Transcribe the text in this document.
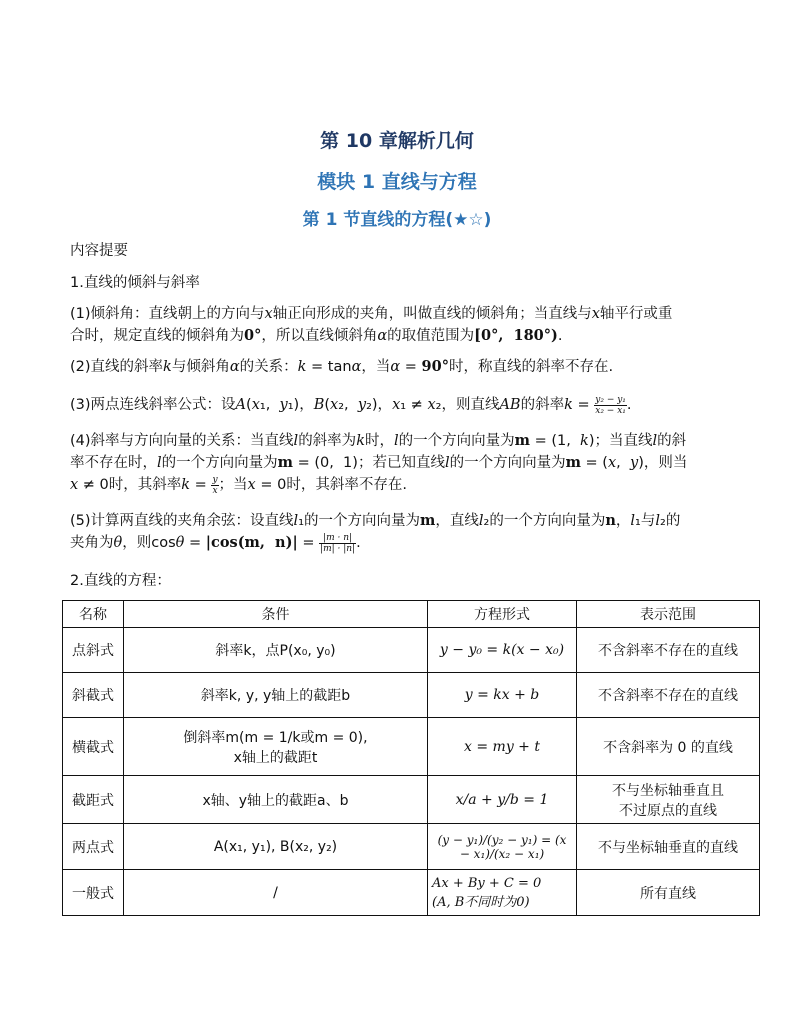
第 10 章解析几何
模块 1 直线与方程
第 1 节直线的方程(★☆)
内容提要
1.直线的倾斜与斜率
(1)倾斜角：直线朝上的方向与x轴正向形成的夹角，叫做直线的倾斜角；当直线与x轴平行或重
合时，规定直线的倾斜角为0°，所以直线倾斜角α的取值范围为[0°,  180°).
(2)直线的斜率k与倾斜角α的关系：k = tanα，当α = 90°时，称直线的斜率不存在.
(3)两点连线斜率公式：设A(x₁,  y₁)，B(x₂,  y₂)，x₁ ≠ x₂，则直线AB的斜率$k = \frac{\text{y₂ − y₁}}{\text{x₂ − x₁}}$ .
(4)斜率与方向向量的关系：当直线l的斜率为k时，l的一个方向向量为m = (1,  k)；当直线l的斜
率不存在时，l的一个方向向量为m = (0,  1)；若已知直线l的一个方向向量为m = (x,  y)，则当
x ≠ 0时，其斜率$k = \frac{y}{x}$ ；当x = 0时，其斜率不存在.
(5)计算两直线的夹角余弦：设直线l₁的一个方向向量为m，直线l₂的一个方向向量为n，l₁与l₂的
夹角为θ，则cosθ = |cos(m,  $n)| = \frac{|m \cdot n|}{|m| \cdot |n|}$ .
2.直线的方程：
名称	条件	方程形式	表示范围
点斜式	斜率k，点P(x₀, y₀)	y − y₀ = k(x − x₀)	不含斜率不存在的直线
斜截式	斜率k, y, y轴上的截距b	y = kx + b	不含斜率不存在的直线
横截式	倒斜率m(m = 1/k或m = 0),
x轴上的截距t	x = my + t	不含斜率为 0 的直线
截距式	x轴、y轴上的截距a、b	x/a + y/b = 1	不与坐标轴垂直且
不过原点的直线

两点式	A(x₁, y₁), B(x₂, y₂)	(y − y₁)/(y₂ − y₁) = (x − x₁)/(x₂ − x₁)	不与坐标轴垂直的直线
一般式	/	Ax + By + C = 0
(A, B不同时为0)	所有直线
